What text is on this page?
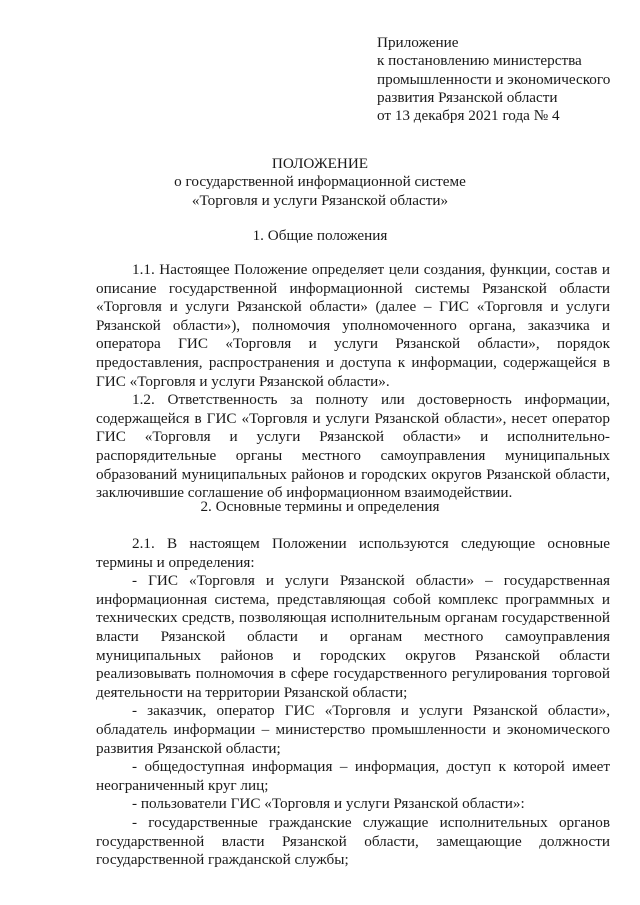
Приложение
к постановлению министерства
промышленности и экономического
развития Рязанской области
от 13 декабря 2021 года № 4
ПОЛОЖЕНИЕ
о государственной информационной системе
«Торговля и услуги Рязанской области»
1. Общие положения

1.1. Настоящее Положение определяет цели создания, функции, состав и описание государственной информационной системы Рязанской области «Торговля и услуги Рязанской области» (далее – ГИС «Торговля и услуги Рязанской области»), полномочия уполномоченного органа, заказчика и оператора ГИС «Торговля и услуги Рязанской области», порядок предоставления, распространения и доступа к информации, содержащейся в ГИС «Торговля и услуги Рязанской области».

1.2. Ответственность за полноту или достоверность информации, содержащейся в ГИС «Торговля и услуги Рязанской области», несет оператор ГИС «Торговля и услуги Рязанской области» и исполнительно-распорядительные органы местного самоуправления муниципальных образований муниципальных районов и городских округов Рязанской области, заключившие соглашение об информационном взаимодействии.

2. Основные термины и определения

2.1. В настоящем Положении используются следующие основные термины и определения:

- ГИС «Торговля и услуги Рязанской области» – государственная информационная система, представляющая собой комплекс программных и технических средств, позволяющая исполнительным органам государственной власти Рязанской области и органам местного самоуправления муниципальных районов и городских округов Рязанской области реализовывать полномочия в сфере государственного регулирования торговой деятельности на территории Рязанской области;

- заказчик, оператор ГИС «Торговля и услуги Рязанской области», обладатель информации – министерство промышленности и экономического развития Рязанской области;

- общедоступная информация – информация, доступ к которой имеет неограниченный круг лиц;

- пользователи ГИС «Торговля и услуги Рязанской области»:

- государственные гражданские служащие исполнительных органов государственной власти Рязанской области, замещающие должности государственной гражданской службы;
